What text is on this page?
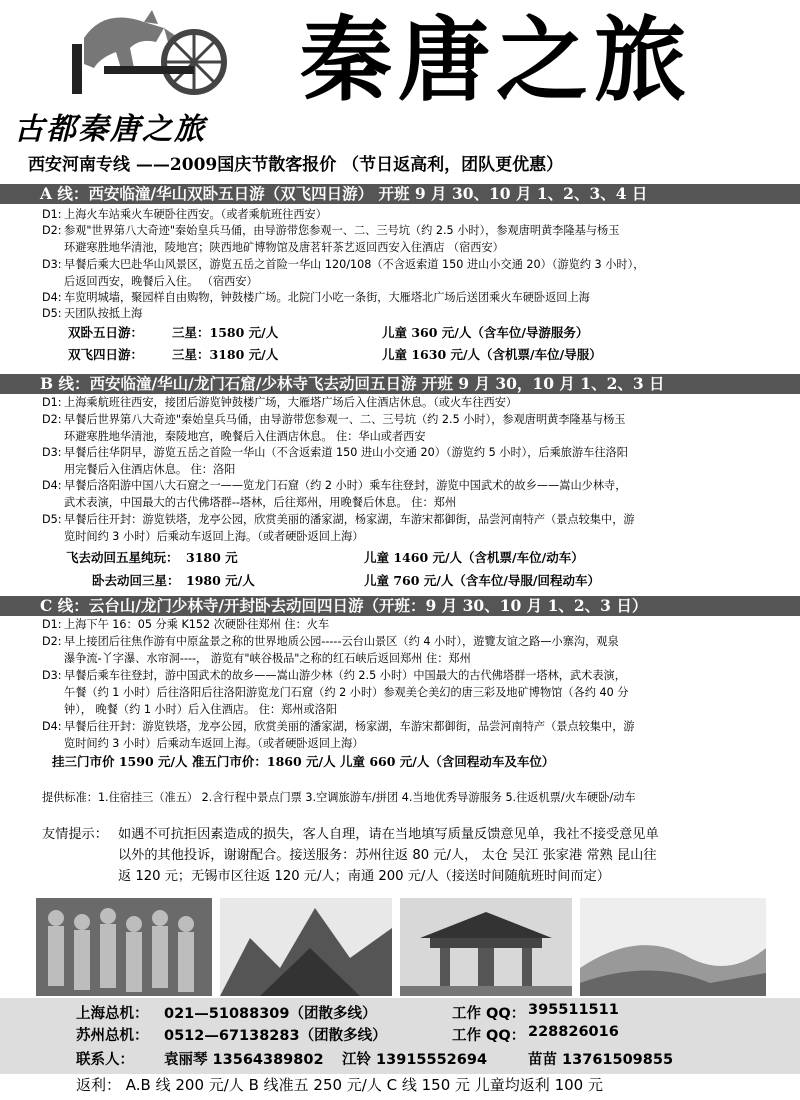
古都秦唐之旅
秦唐之旅
西安河南专线 ——2009国庆节散客报价 （节日返高利，团队更优惠）
A 线：西安临潼/华山双卧五日游（双飞四日游） 开班 9 月 30、10 月 1、2、3、4 日
D1: 上海火车站乘火车硬卧往西安。（或者乘航班往西安）
D2: 参观"世界第八大奇迹"秦始皇兵马俑，由导游带您参观一、二、三号坑（约 2.5 小时），参观唐明黄李隆基与杨玉
环避寒胜地华清池，陵地宫；陕西地矿博物馆及唐茗轩茶艺返回西安入住酒店 （宿西安）
D3: 早餐后乘大巴赴华山风景区，游览五岳之首险一华山 120/108（不含返索道 150 进山小交通 20）（游览约 3 小时），
后返回西安，晚餐后入住。 （宿西安）
D4: 车览明城墙，聚园样自由购物，钟鼓楼广场。北院门小吃一条街，大雁塔北广场后送团乘火车硬卧返回上海
D5: 天团队按抵上海
双卧五日游： 三星：1580 元/人	儿童 360 元/人（含车位/导游服务）
双飞四日游： 三星：3180 元/人	儿童 1630 元/人（含机票/车位/导服）
B 线：西安临潼/华山/龙门石窟/少林寺飞去动回五日游 开班 9 月 30，10 月 1、2、3 日
D1: 上海乘航班往西安，接团后游览钟鼓楼广场，大雁塔广场后入住酒店休息。（或火车往西安）
D2: 早餐后世界第八大奇迹"秦始皇兵马俑，由导游带您参观一、二、三号坑（约 2.5 小时），参观唐明黄李隆基与杨玉
环避寒胜地华清池，秦陵地宫，晚餐后入住酒店休息。 住：华山或者西安
D3: 早餐后往华阴早，游览五岳之首险一华山（不含返索道 150 进山小交通 20）（游览约 5 小时），后乘旅游车往洛阳
用完餐后入住酒店休息。 住：洛阳
D4: 早餐后洛阳游中国八大石窟之一——览龙门石窟（约 2 小时）乘车往登封，游览中国武术的故乡——嵩山少林寺，
武术表演，中国最大的古代佛塔群--塔林，后往郑州，用晚餐后休息。 住：郑州
D5: 早餐后往开封：游览铁塔，龙亭公园，欣赏美丽的潘家湖，杨家湖，车游宋都御街，品尝河南特产（景点较集中，游
览时间约 3 小时）后乘动车返回上海。（或者硬卧返回上海）
飞去动回五星纯玩： 3180 元	儿童 1460 元/人（含机票/车位/动车）
卧去动回三星： 1980 元/人	儿童 760 元/人（含车位/导服/回程动车）
C 线：云台山/龙门少林寺/开封卧去动回四日游（开班：9 月 30、10 月 1、2、3 日）
D1: 上海下午 16：05 分乘 K152 次硬卧往郑州 住：火车
D2: 早上接团后往焦作游有中原盆景之称的世界地质公园-----云台山景区（约 4 小时），遊覽友谊之路—小寨沟，观泉
瀑争流-丫字瀑、水帘洞----， 游览有"峡谷极品"之称的红石峡后返回郑州 住：郑州
D3: 早餐后乘车往登封，游中国武术的故乡——嵩山游少林（约 2.5 小时）中国最大的古代佛塔群一塔林，武术表演，
午餐（约 1 小时）后往洛阳后往洛阳游览龙门石窟（约 2 小时）参观美仑美幻的唐三彩及地矿博物馆（各约 40 分
钟）， 晚餐（约 1 小时）后入住酒店。 住：郑州或洛阳
D4: 早餐后往开封：游览铁塔，龙亭公园，欣赏美丽的潘家湖，杨家湖，车游宋都御街，品尝河南特产（景点较集中，游
览时间约 3 小时）后乘动车返回上海。（或者硬卧返回上海）
挂三门市价 1590 元/人 准五门市价：1860 元/人 儿童 660 元/人（含回程动车及车位）
提供标准：1.住宿挂三（准五） 2.含行程中景点门票 3.空调旅游车/拼团 4.当地优秀导游服务 5.往返机票/火车硬卧/动车
友情提示： 如遇不可抗拒因素造成的损失，客人自理，请在当地填写质量反馈意见单，我社不接受意见单
以外的其他投诉，谢谢配合。接送服务：苏州往返 80 元/人， 太仓 吴江 张家港 常熟 昆山往
返 120 元；无锡市区往返 120 元/人；南通 200 元/人（接送时间随航班时间而定）
上海总机： 021—51088309（团散多线）	工作 QQ： 395511511
苏州总机： 0512—67138283（团散多线）	工作 QQ： 228826016
联系人： 袁丽琴 13564389802 江铃 13915552694	苗苗 13761509855
返利： A.B 线 200 元/人 B 线准五 250 元/人 C 线 150 元 儿童均返利 100 元
